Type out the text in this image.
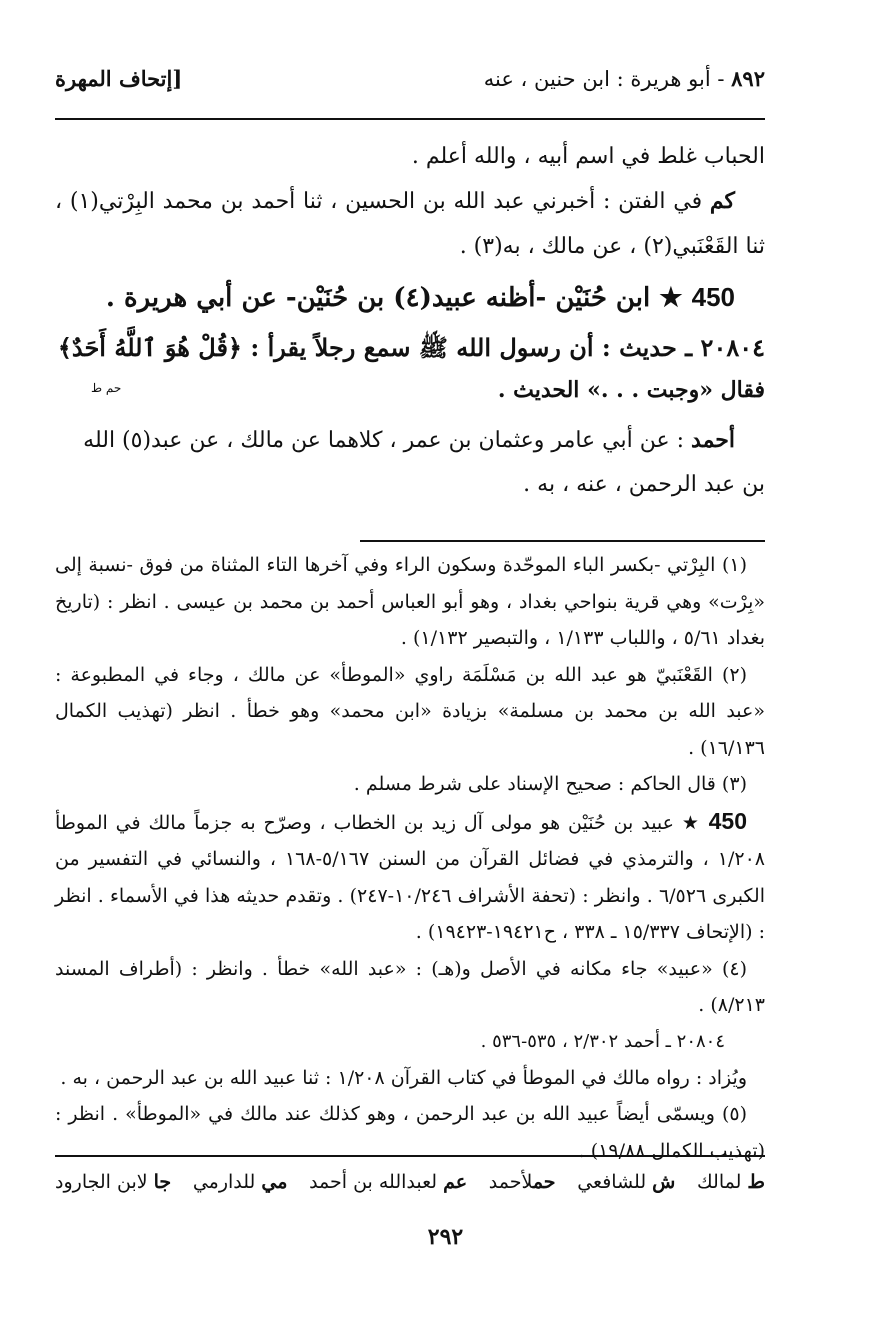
٨٩٢ - أبو هريرة : ابن حنين ، عنه
[إتحاف المهرة

الحباب غلط في اسم أبيه ، والله أعلم .

كم في الفتن : أخبرني عبد الله بن الحسين ، ثنا أحمد بن محمد البِرْتي(١) ، ثنا القَعْنَبي(٢) ، عن مالك ، به(٣) .

450 ★ ابن حُنَيْن -أظنه عبيد(٤) بن حُنَيْن- عن أبي هريرة .

٢٠٨٠٤ ـ حديث : أن رسول الله ﷺ سمع رجلاً يقرأ : ﴿قُلْ هُوَ ٱللَّهُ أَحَدٌ﴾
حم ط	فقال «وجبت . . .» الحديث .

أحمد : عن أبي عامر وعثمان بن عمر ، كلاهما عن مالك ، عن عبد(٥) الله بن عبد الرحمن ، عنه ، به .

(١) البِرْتي -بكسر الباء الموحّدة وسكون الراء وفي آخرها التاء المثناة من فوق -نسبة إلى «بِرْت» وهي قرية بنواحي بغداد ، وهو أبو العباس أحمد بن محمد بن عيسى . انظر : (تاريخ بغداد ٥/٦١ ، واللباب ١/١٣٣ ، والتبصير ١/١٣٢) .

(٢) القَعْنَبيّ هو عبد الله بن مَسْلَمَة راوي «الموطأ» عن مالك ، وجاء في المطبوعة : «عبد الله بن محمد بن مسلمة» بزيادة «ابن محمد» وهو خطأ . انظر (تهذيب الكمال ١٦/١٣٦) .

(٣) قال الحاكم : صحيح الإسناد على شرط مسلم .

450 ★ عبيد بن حُنَيْن هو مولى آل زيد بن الخطاب ، وصرّح به جزماً مالك في الموطأ ١/٢٠٨ ، والترمذي في فضائل القرآن من السنن ٥/١٦٧-١٦٨ ، والنسائي في التفسير من الكبرى ٦/٥٢٦ . وانظر : (تحفة الأشراف ١٠/٢٤٦-٢٤٧) . وتقدم حديثه هذا في الأسماء . انظر : (الإتحاف ١٥/٣٣٧ ـ ٣٣٨ ، ح١٩٤٢١-١٩٤٢٣) .

(٤) «عبيد» جاء مكانه في الأصل و(هـ) : «عبد الله» خطأ . وانظر : (أطراف المسند ٨/٢١٣) .

٢٠٨٠٤ ـ أحمد ٢/٣٠٢ ، ٥٣٥-٥٣٦ .

ويُزاد : رواه مالك في الموطأ في كتاب القرآن ١/٢٠٨ : ثنا عبيد الله بن عبد الرحمن ، به .

(٥) ويسمّى أيضاً عبيد الله بن عبد الرحمن ، وهو كذلك عند مالك في «الموطأ» . انظر : (تهذيب الكمال ١٩/٨٨) .

ط لمالك
ش للشافعي
حملأحمد
عم لعبدالله بن أحمد
مي للدارمي
جا لابن الجارود
٢٩٢
